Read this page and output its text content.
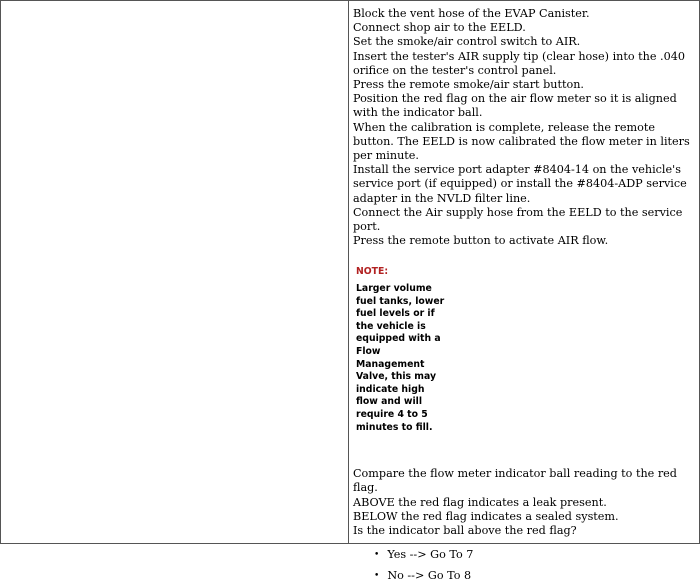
Block the vent hose of the EVAP Canister.
Connect shop air to the EELD.
Set the smoke/air control switch to AIR.
Insert the tester's AIR supply tip (clear hose) into the .040 orifice on the tester's control panel.
Press the remote smoke/air start button.
Position the red flag on the air flow meter so it is aligned with the indicator ball.
When the calibration is complete, release the remote button. The EELD is now calibrated the flow meter in liters per minute.
Install the service port adapter #8404-14 on the vehicle's service port (if equipped) or install the #8404-ADP service adapter in the NVLD filter line.
Connect the Air supply hose from the EELD to the service port.
Press the remote button to activate AIR flow.
NOTE:
Larger volume fuel tanks, lower fuel levels or if the vehicle is equipped with a Flow Management Valve, this may indicate high flow and will require 4 to 5 minutes to fill.
Compare the flow meter indicator ball reading to the red flag.
ABOVE the red flag indicates a leak present.
BELOW the red flag indicates a sealed system.
Is the indicator ball above the red flag?
• Yes --> Go To 7
• No --> Go To 8
